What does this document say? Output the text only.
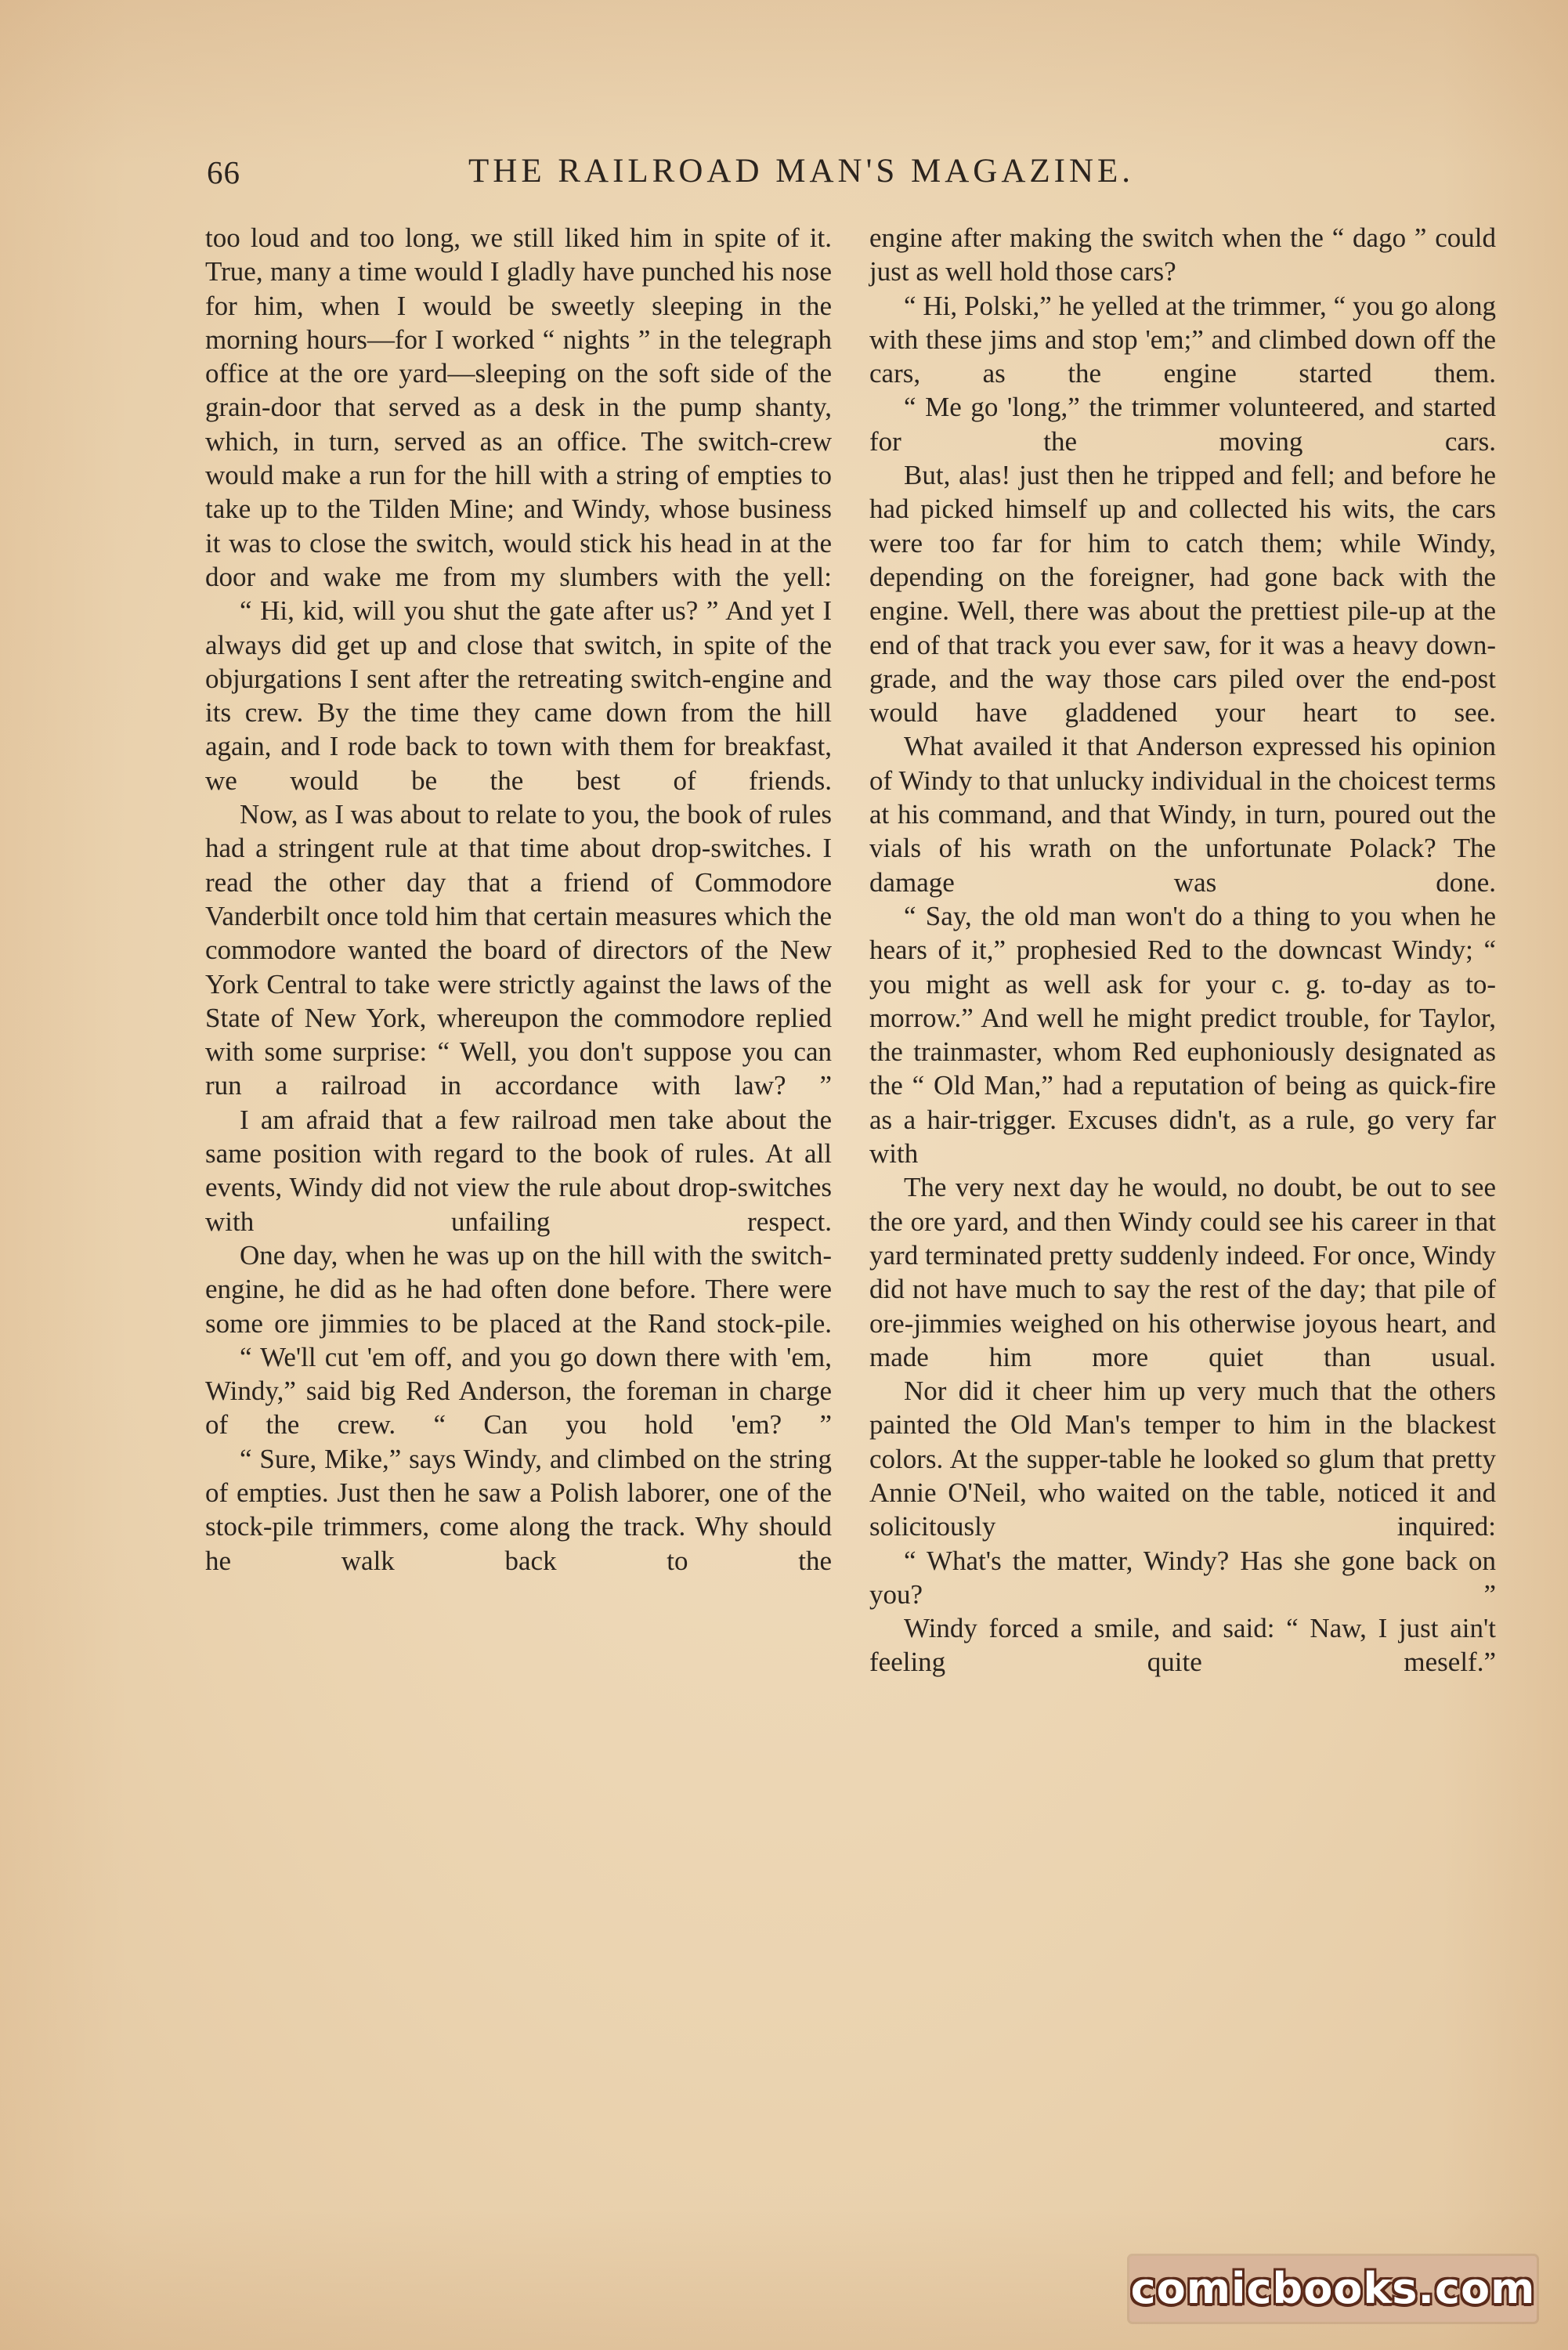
66	THE RAILROAD MAN'S MAGAZINE.

too loud and too long, we still liked him in spite of it. True, many a time would I gladly have punched his nose for him, when I would be sweetly sleeping in the morning hours—for I worked “ nights ” in the telegraph office at the ore yard—sleeping on the soft side of the grain-door that served as a desk in the pump shanty, which, in turn, served as an office. The switch-crew would make a run for the hill with a string of empties to take up to the Tilden Mine; and Windy, whose business it was to close the switch, would stick his head in at the door and wake me from my slumbers with the yell:

“ Hi, kid, will you shut the gate after us? ” And yet I always did get up and close that switch, in spite of the objurgations I sent after the retreating switch-engine and its crew. By the time they came down from the hill again, and I rode back to town with them for breakfast, we would be the best of friends.

Now, as I was about to relate to you, the book of rules had a stringent rule at that time about drop-switches. I read the other day that a friend of Commodore Vanderbilt once told him that certain measures which the commodore wanted the board of directors of the New York Central to take were strictly against the laws of the State of New York, whereupon the commodore replied with some surprise: “ Well, you don't suppose you can run a railroad in accordance with law? ”

I am afraid that a few railroad men take about the same position with regard to the book of rules. At all events, Windy did not view the rule about drop-switches with unfailing respect.

One day, when he was up on the hill with the switch-engine, he did as he had often done before. There were some ore jimmies to be placed at the Rand stock-pile.

“ We'll cut 'em off, and you go down there with 'em, Windy,” said big Red Anderson, the foreman in charge of the crew. “ Can you hold 'em? ”

“ Sure, Mike,” says Windy, and climbed on the string of empties. Just then he saw a Polish laborer, one of the stock-pile trimmers, come along the track. Why should he walk back to the

engine after making the switch when the “ dago ” could just as well hold those cars?

“ Hi, Polski,” he yelled at the trimmer, “ you go along with these jims and stop 'em;” and climbed down off the cars, as the engine started them.

“ Me go 'long,” the trimmer volunteered, and started for the moving cars.

But, alas! just then he tripped and fell; and before he had picked himself up and collected his wits, the cars were too far for him to catch them; while Windy, depending on the foreigner, had gone back with the engine. Well, there was about the prettiest pile-up at the end of that track you ever saw, for it was a heavy down-grade, and the way those cars piled over the end-post would have gladdened your heart to see.

What availed it that Anderson expressed his opinion of Windy to that unlucky individual in the choicest terms at his command, and that Windy, in turn, poured out the vials of his wrath on the unfortunate Polack? The damage was done.

“ Say, the old man won't do a thing to you when he hears of it,” prophesied Red to the downcast Windy; “ you might as well ask for your c. g. to-day as to-morrow.” And well he might predict trouble, for Taylor, the trainmaster, whom Red euphoniously designated as the “ Old Man,” had a reputation of being as quick-fire as a hair-trigger. Excuses didn't, as a rule, go very far with

The very next day he would, no doubt, be out to see the ore yard, and then Windy could see his career in that yard terminated pretty suddenly indeed. For once, Windy did not have much to say the rest of the day; that pile of ore-jimmies weighed on his otherwise joyous heart, and made him more quiet than usual.

Nor did it cheer him up very much that the others painted the Old Man's temper to him in the blackest colors. At the supper-table he looked so glum that pretty Annie O'Neil, who waited on the table, noticed it and solicitously inquired:

“ What's the matter, Windy? Has she gone back on you? ”

Windy forced a smile, and said: “ Naw, I just ain't feeling quite meself.”

comicbooks.com
